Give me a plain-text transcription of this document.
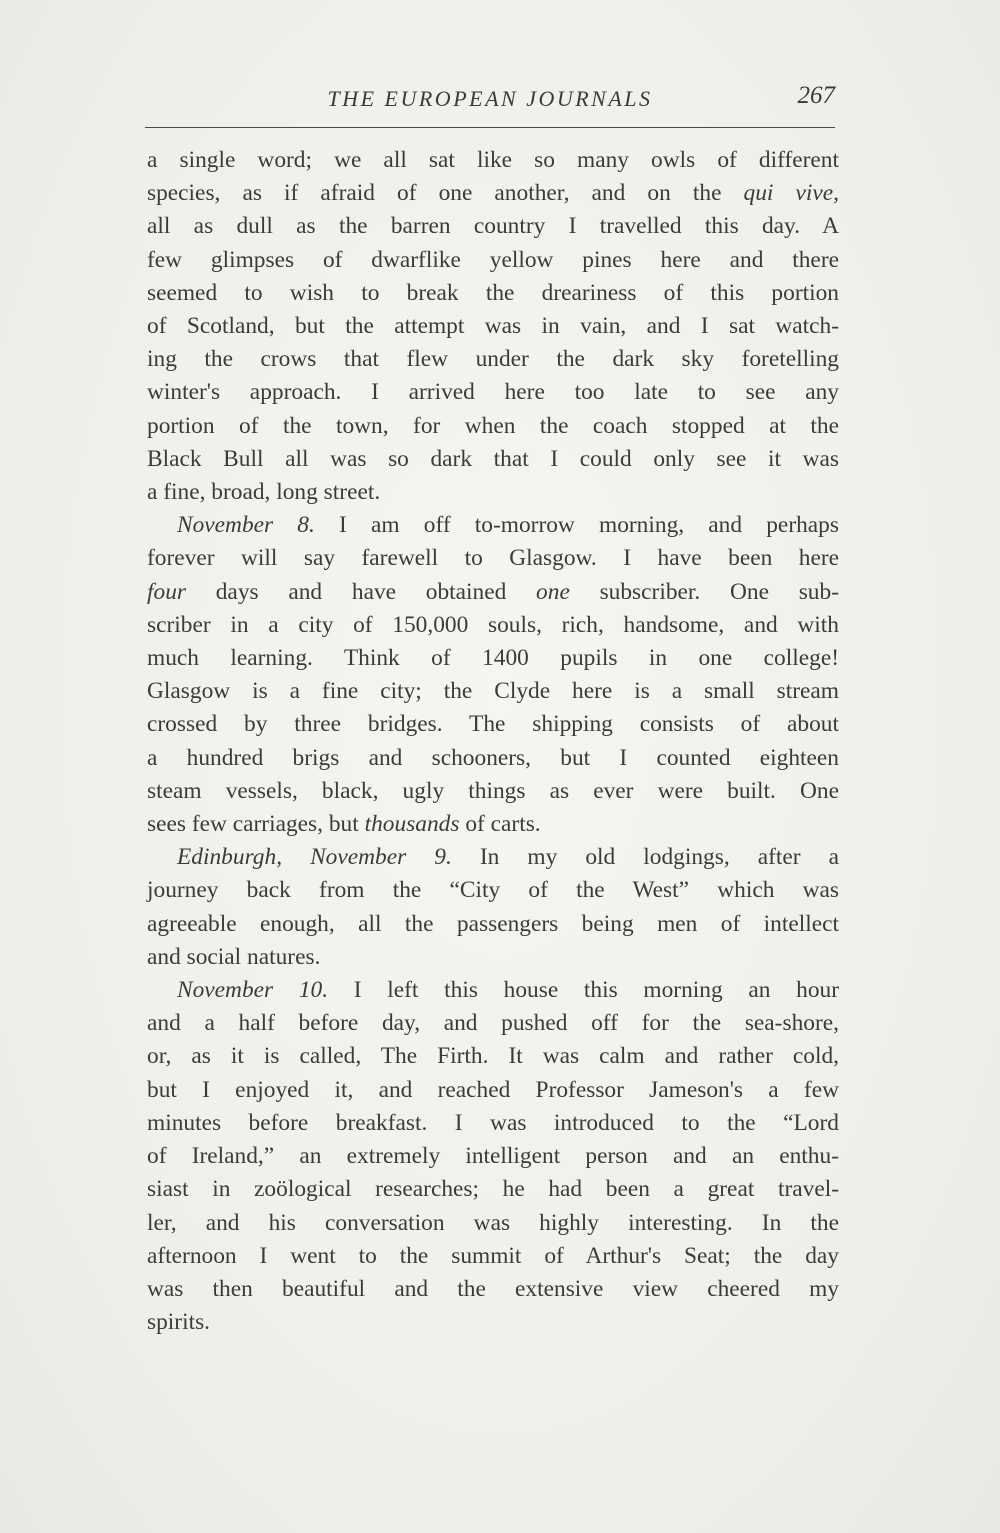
THE EUROPEAN JOURNALS	267

a single word; we all sat like so many owls of different
species, as if afraid of one another, and on the qui vive,
all as dull as the barren country I travelled this day. A
few glimpses of dwarflike yellow pines here and there
seemed to wish to break the dreariness of this portion
of Scotland, but the attempt was in vain, and I sat watch-
ing the crows that flew under the dark sky foretelling
winter's approach. I arrived here too late to see any
portion of the town, for when the coach stopped at the
Black Bull all was so dark that I could only see it was
a fine, broad, long street.

November 8. I am off to-morrow morning, and perhaps
forever will say farewell to Glasgow. I have been here
four days and have obtained one subscriber. One sub-
scriber in a city of 150,000 souls, rich, handsome, and with
much learning. Think of 1400 pupils in one college!
Glasgow is a fine city; the Clyde here is a small stream
crossed by three bridges. The shipping consists of about
a hundred brigs and schooners, but I counted eighteen
steam vessels, black, ugly things as ever were built. One
sees few carriages, but thousands of carts.

Edinburgh, November 9. In my old lodgings, after a
journey back from the “City of the West” which was
agreeable enough, all the passengers being men of intellect
and social natures.

November 10. I left this house this morning an hour
and a half before day, and pushed off for the sea-shore,
or, as it is called, The Firth. It was calm and rather cold,
but I enjoyed it, and reached Professor Jameson's a few
minutes before breakfast. I was introduced to the “Lord
of Ireland,” an extremely intelligent person and an enthu-
siast in zoölogical researches; he had been a great travel-
ler, and his conversation was highly interesting. In the
afternoon I went to the summit of Arthur's Seat; the day
was then beautiful and the extensive view cheered my
spirits.
